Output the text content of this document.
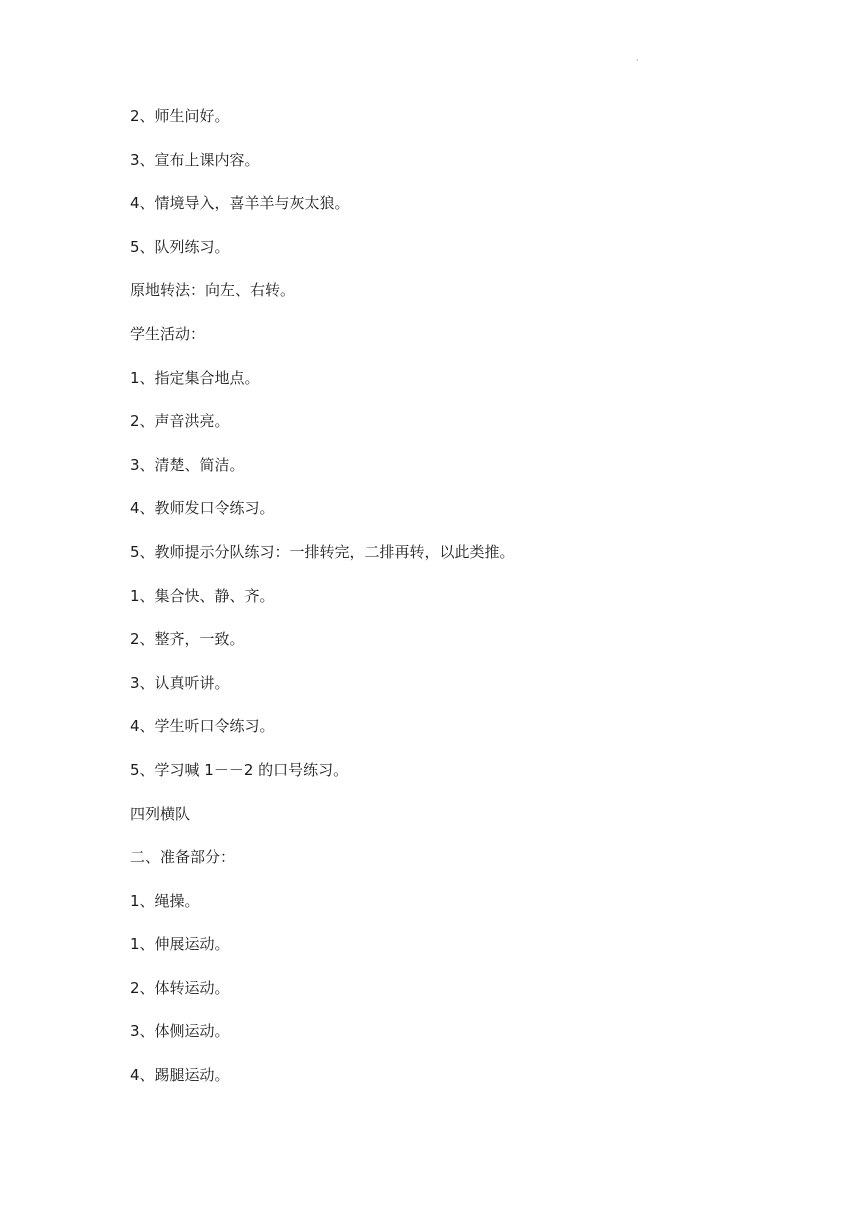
·
2、师生问好。
3、宣布上课内容。
4、情境导入，喜羊羊与灰太狼。
5、队列练习。
原地转法：向左、右转。
学生活动：
1、指定集合地点。
2、声音洪亮。
3、清楚、简洁。
4、教师发口令练习。
5、教师提示分队练习：一排转完，二排再转，以此类推。
1、集合快、静、齐。
2、整齐，一致。
3、认真听讲。
4、学生听口令练习。
5、学习喊 1－－2 的口号练习。
四列横队
二、准备部分：
1、绳操。
1、伸展运动。
2、体转运动。
3、体侧运动。
4、踢腿运动。
